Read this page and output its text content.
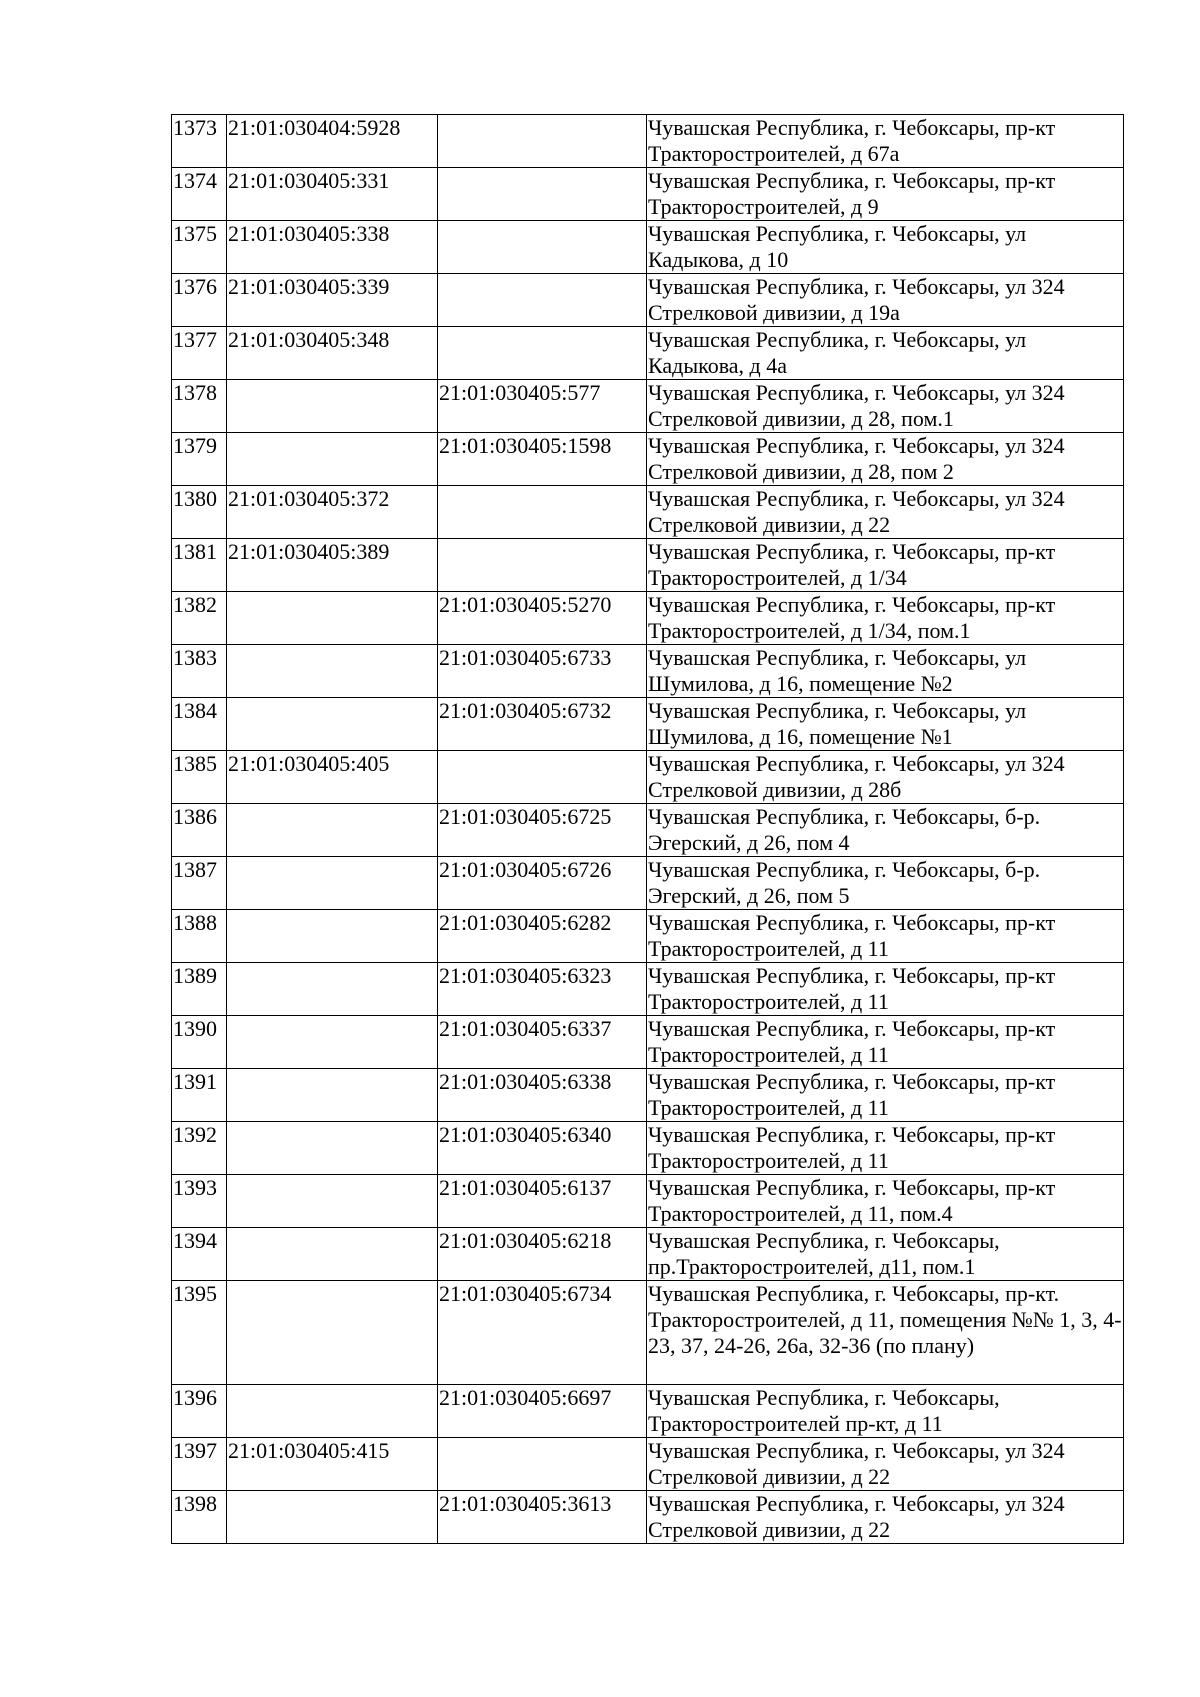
1373	21:01:030404:5928		Чувашская Республика, г. Чебоксары, пр-кт Тракторостроителей, д 67а
1374	21:01:030405:331		Чувашская Республика, г. Чебоксары, пр-кт Тракторостроителей, д 9
1375	21:01:030405:338		Чувашская Республика, г. Чебоксары, ул Кадыкова, д 10
1376	21:01:030405:339		Чувашская Республика, г. Чебоксары, ул 324 Стрелковой дивизии, д 19а
1377	21:01:030405:348		Чувашская Республика, г. Чебоксары, ул Кадыкова, д 4а
1378		21:01:030405:577	Чувашская Республика, г. Чебоксары, ул 324 Стрелковой дивизии, д 28, пом.1
1379		21:01:030405:1598	Чувашская Республика, г. Чебоксары, ул 324 Стрелковой дивизии, д 28, пом 2
1380	21:01:030405:372		Чувашская Республика, г. Чебоксары, ул 324 Стрелковой дивизии, д 22
1381	21:01:030405:389		Чувашская Республика, г. Чебоксары, пр-кт Тракторостроителей, д 1/34
1382		21:01:030405:5270	Чувашская Республика, г. Чебоксары, пр-кт Тракторостроителей, д 1/34, пом.1
1383		21:01:030405:6733	Чувашская Республика, г. Чебоксары, ул Шумилова, д 16, помещение №2
1384		21:01:030405:6732	Чувашская Республика, г. Чебоксары, ул Шумилова, д 16, помещение №1
1385	21:01:030405:405		Чувашская Республика, г. Чебоксары, ул 324 Стрелковой дивизии, д 28б
1386		21:01:030405:6725	Чувашская Республика, г. Чебоксары, б-р. Эгерский, д 26, пом 4
1387		21:01:030405:6726	Чувашская Республика, г. Чебоксары, б-р. Эгерский, д 26, пом 5
1388		21:01:030405:6282	Чувашская Республика, г. Чебоксары, пр-кт Тракторостроителей, д 11
1389		21:01:030405:6323	Чувашская Республика, г. Чебоксары, пр-кт Тракторостроителей, д 11
1390		21:01:030405:6337	Чувашская Республика, г. Чебоксары, пр-кт Тракторостроителей, д 11
1391		21:01:030405:6338	Чувашская Республика, г. Чебоксары, пр-кт Тракторостроителей, д 11
1392		21:01:030405:6340	Чувашская Республика, г. Чебоксары, пр-кт Тракторостроителей, д 11
1393		21:01:030405:6137	Чувашская Республика, г. Чебоксары, пр-кт Тракторостроителей, д 11, пом.4
1394		21:01:030405:6218	Чувашская Республика, г. Чебоксары, пр.Тракторостроителей, д11, пом.1
1395		21:01:030405:6734	Чувашская Республика, г. Чебоксары, пр-кт. Тракторостроителей, д 11, помещения №№ 1, 3, 4-23, 37, 24-26, 26а, 32-36 (по плану)
1396		21:01:030405:6697	Чувашская Республика, г. Чебоксары, Тракторостроителей пр-кт, д 11
1397	21:01:030405:415		Чувашская Республика, г. Чебоксары, ул 324 Стрелковой дивизии, д 22
1398		21:01:030405:3613	Чувашская Республика, г. Чебоксары, ул 324 Стрелковой дивизии, д 22
